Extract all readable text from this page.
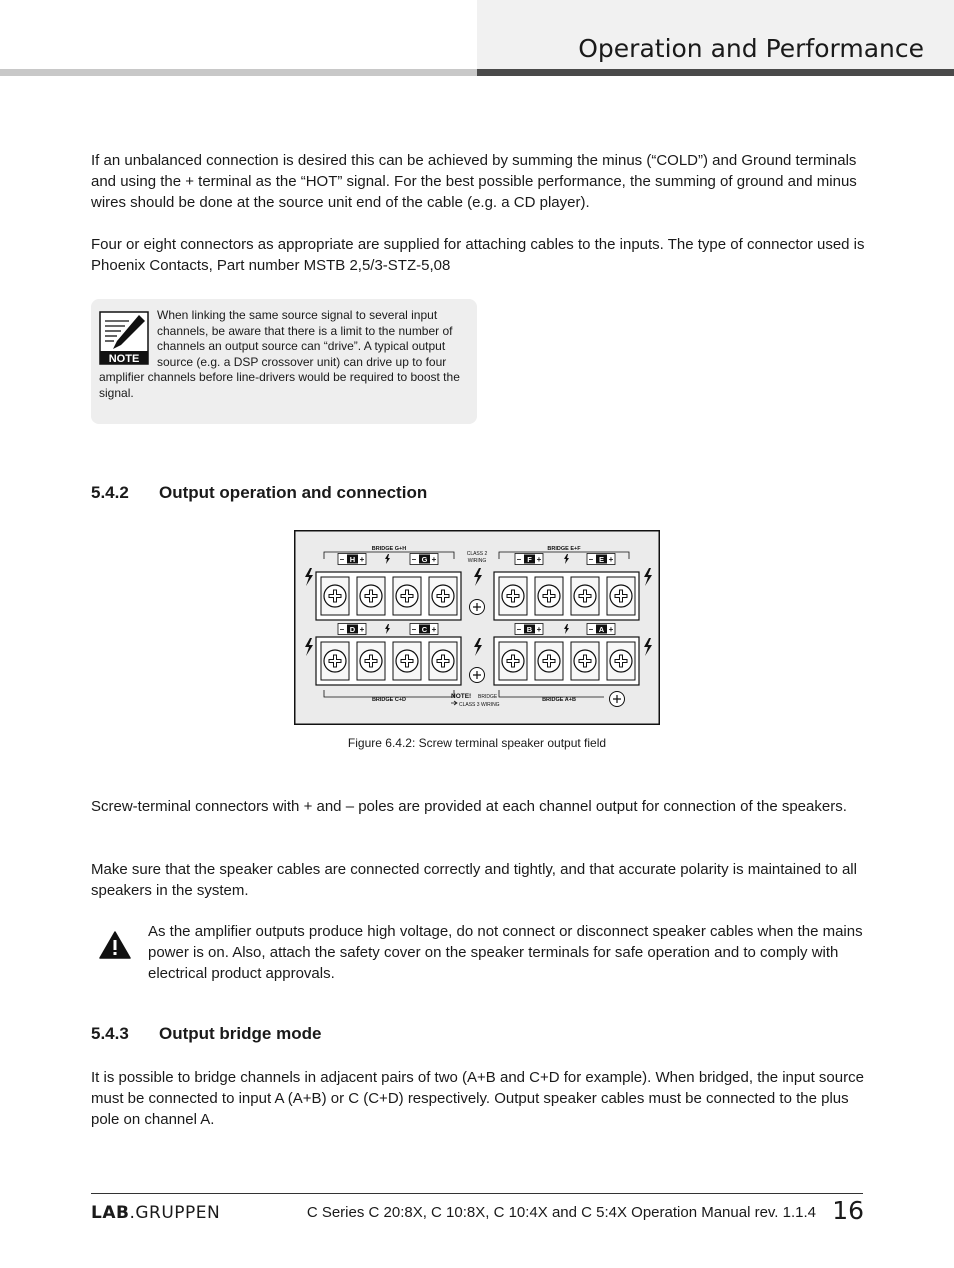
Operation and Performance

If an unbalanced connection is desired this can be achieved by summing the minus (“COLD”) and Ground terminals and using the + terminal as the “HOT” signal. For the best possible performance, the summing of ground and minus wires should be done at the source unit end of the cable (e.g. a CD player).

Four or eight connectors as appropriate are supplied for attaching cables to the inputs. The type of connector used is Phoenix Contacts, Part number MSTB 2,5/3-STZ-5,08

NOTE

When linking the same source signal to several input channels, be aware that there is a limit to the number of channels an output source can “drive”. A typical output source (e.g. a DSP crossover unit) can drive up to four amplifier channels before line-drivers would be required to boost the signal.

5.4.2 Output operation and connection
BRIDGE G+H	BRIDGE E+F
CLASS 2
WIRING
– H +	– G +	– F +	– E +
– D +	– C +	– B +	– A +
BRIDGE C+D	BRIDGE A+B
NOTE! BRIDGE
CLASS 3 WIRING
Figure 6.4.2: Screw terminal speaker output field

Screw-terminal connectors with + and – poles are provided at each channel output for connection of the speakers.

Make sure that the speaker cables are connected correctly and tightly, and that accurate polarity is maintained to all speakers in the system.

As the amplifier outputs produce high voltage, do not connect or disconnect speaker cables when the mains power is on. Also, attach the safety cover on the speaker terminals for safe operation and to comply with electrical product approvals.

5.4.3 Output bridge mode

It is possible to bridge channels in adjacent pairs of two (A+B and C+D for example). When bridged, the input source must be connected to input A (A+B) or C (C+D) respectively. Output speaker cables must be connected to the plus pole on channel A.

LAB.GRUPPEN	C Series C 20:8X, C 10:8X, C 10:4X and C 5:4X Operation Manual rev. 1.1.4 16
